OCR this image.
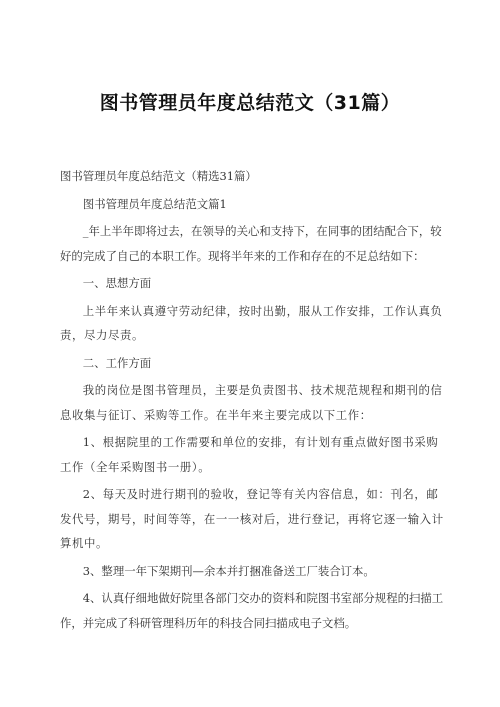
图书管理员年度总结范文（31篇）

图书管理员年度总结范文（精选31篇）

图书管理员年度总结范文篇1

_年上半年即将过去，在领导的关心和支持下，在同事的团结配合下，较好的完成了自己的本职工作。现将半年来的工作和存在的不足总结如下：

一、思想方面

上半年来认真遵守劳动纪律，按时出勤，服从工作安排，工作认真负责，尽力尽责。

二、工作方面

我的岗位是图书管理员，主要是负责图书、技术规范规程和期刊的信息收集与征订、采购等工作。在半年来主要完成以下工作：

1、根据院里的工作需要和单位的安排，有计划有重点做好图书采购工作（全年采购图书一册）。

2、每天及时进行期刊的验收，登记等有关内容信息，如：刊名，邮发代号，期号，时间等等，在一一核对后，进行登记，再将它逐一输入计算机中。

3、整理一年下架期刊—余本并打捆准备送工厂装合订本。

4、认真仔细地做好院里各部门交办的资料和院图书室部分规程的扫描工作，并完成了科研管理科历年的科技合同扫描成电子文档。
